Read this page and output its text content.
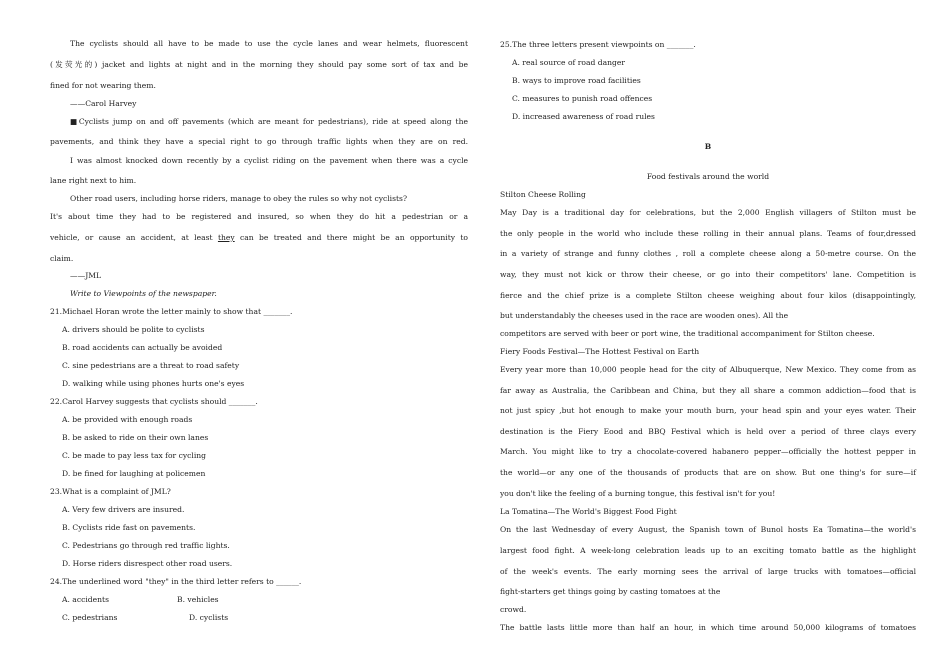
The cyclists should all have to be made to use the cycle lanes and wear helmets, fluorescent
(发荧光的) jacket and lights at night and in the morning they should pay some sort of tax and be
fined for not wearing them.
——Carol Harvey
■Cyclists jump on and off pavements (which are meant for pedestrians), ride at speed along the
pavements, and think they have a special right to go through traffic lights when they are on red.
I was almost knocked down recently by a cyclist riding on the pavement when there was a cycle
lane right next to him.
Other road users, including horse riders, manage to obey the rules so why not cyclists?
It's about time they had to be registered and insured, so when they do hit a pedestrian or a
vehicle, or cause an accident, at least they can be treated and there might be an opportunity to
claim.
——JML
Write to Viewpoints of the newspaper.
21.Michael Horan wrote the letter mainly to show that _______.
A. drivers should be polite to cyclists
B. road accidents can actually be avoided
C. sine pedestrians are a threat to road safety
D. walking while using phones hurts one's eyes
22.Carol Harvey suggests that cyclists should _______.
A. be provided with enough roads
B. be asked to ride on their own lanes
C. be made to pay less tax for cycling
D. be fined for laughing at policemen
23.What is a complaint of JML?
A. Very few drivers are insured.
B. Cyclists ride fast on pavements.
C. Pedestrians go through red traffic lights.
D. Horse riders disrespect other road users.
24.The underlined word "they" in the third letter refers to ______.
A. accidents	B. vehicles
C. pedestrians	D. cyclists
25.The three letters present viewpoints on _______.
A. real source of road danger
B. ways to improve road facilities
C. measures to punish road offences
D. increased awareness of road rules
B
Food festivals around the world
Stilton Cheese Rolling
May Day is a traditional day for celebrations, but the 2,000 English villagers of Stilton must be
the only people in the world who include these rolling in their annual plans. Teams of four,dressed
in a variety of strange and funny clothes , roll a complete cheese along a 50-metre course. On the
way, they must not kick or throw their cheese, or go into their competitors' lane. Competition is
fierce and the chief prize is a complete Stilton cheese weighing about four kilos (disappointingly,
but understandably the cheeses used in the race are wooden ones). All the
competitors are served with beer or port wine, the traditional accompaniment for Stilton cheese.
Fiery Foods Festival—The Hottest Festival on Earth
Every year more than 10,000 people head for the city of Albuquerque, New Mexico. They come from as
far away as Australia, the Caribbean and China, but they all share a common addiction—food that is
not just spicy ,but hot enough to make your mouth burn, your head spin and your eyes water. Their
destination is the Fiery Eood and BBQ Festival which is held over a period of three clays every
March. You might like to try a chocolate-covered habanero pepper—officially the hottest pepper in
the world—or any one of the thousands of products that are on show. But one thing's for sure—if
you don't like the feeling of a burning tongue, this festival isn't for you!
La Tomatina—The World's Biggest Food Fight
On the last Wednesday of every August, the Spanish town of Bunol hosts Ea Tomatina—the world's
largest food fight. A week-long celebration leads up to an exciting tomato battle as the highlight
of the week's events. The early morning sees the arrival of large trucks with tomatoes—official
fight-starters get things going by casting tomatoes at the
crowd.
The battle lasts little more than half an hour, in which time around 50,000 kilograms of tomatoes
